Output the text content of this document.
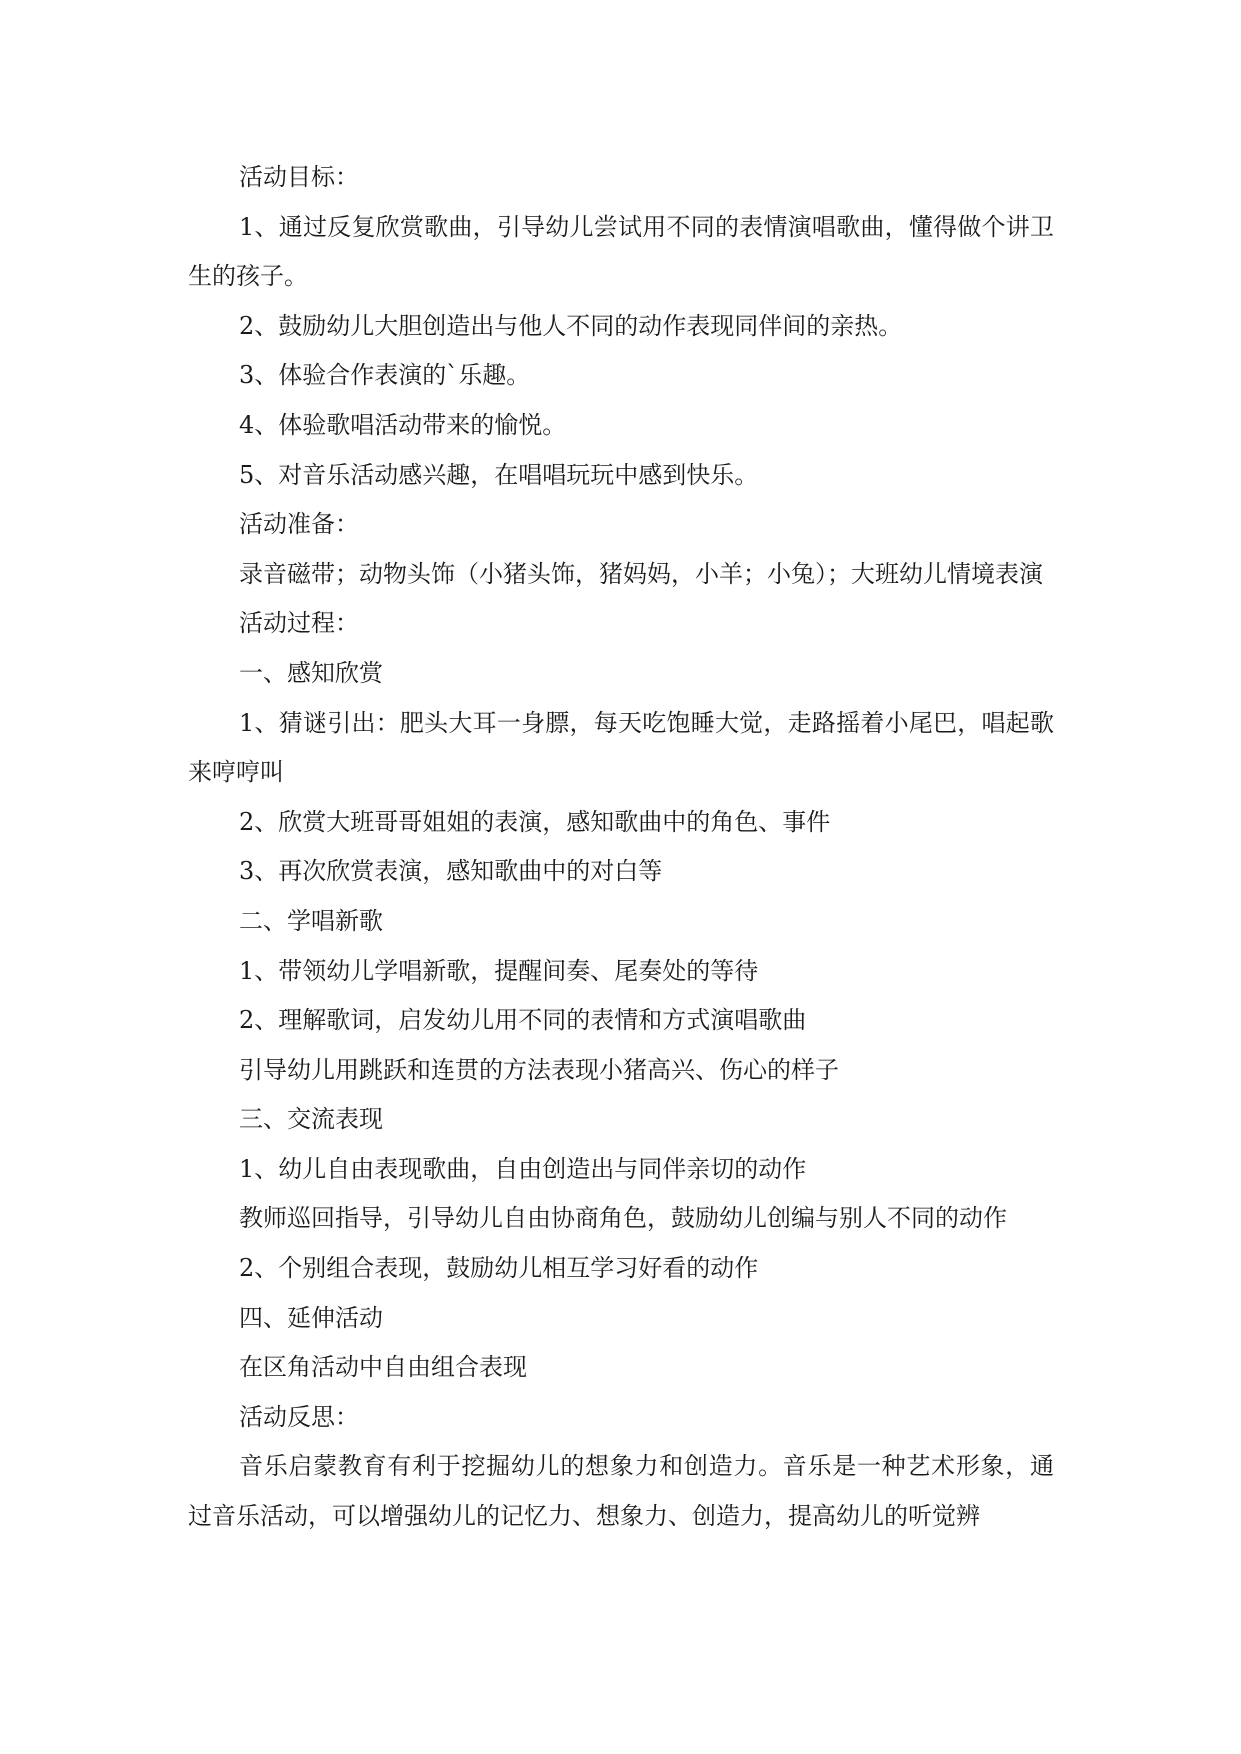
活动目标：

1、通过反复欣赏歌曲，引导幼儿尝试用不同的表情演唱歌曲，懂得做个讲卫生的孩子。

2、鼓励幼儿大胆创造出与他人不同的动作表现同伴间的亲热。

3、体验合作表演的`乐趣。

4、体验歌唱活动带来的愉悦。

5、对音乐活动感兴趣，在唱唱玩玩中感到快乐。

活动准备：

录音磁带；动物头饰（小猪头饰，猪妈妈，小羊；小兔）；大班幼儿情境表演

活动过程：

一、感知欣赏

1、猜谜引出：肥头大耳一身膘，每天吃饱睡大觉，走路摇着小尾巴，唱起歌来哼哼叫

2、欣赏大班哥哥姐姐的表演，感知歌曲中的角色、事件

3、再次欣赏表演，感知歌曲中的对白等

二、学唱新歌

1、带领幼儿学唱新歌，提醒间奏、尾奏处的等待

2、理解歌词，启发幼儿用不同的表情和方式演唱歌曲

引导幼儿用跳跃和连贯的方法表现小猪高兴、伤心的样子

三、交流表现

1、幼儿自由表现歌曲，自由创造出与同伴亲切的动作

教师巡回指导，引导幼儿自由协商角色，鼓励幼儿创编与别人不同的动作

2、个别组合表现，鼓励幼儿相互学习好看的动作

四、延伸活动

在区角活动中自由组合表现

活动反思：

音乐启蒙教育有利于挖掘幼儿的想象力和创造力。音乐是一种艺术形象，通过音乐活动，可以增强幼儿的记忆力、想象力、创造力，提高幼儿的听觉辨
